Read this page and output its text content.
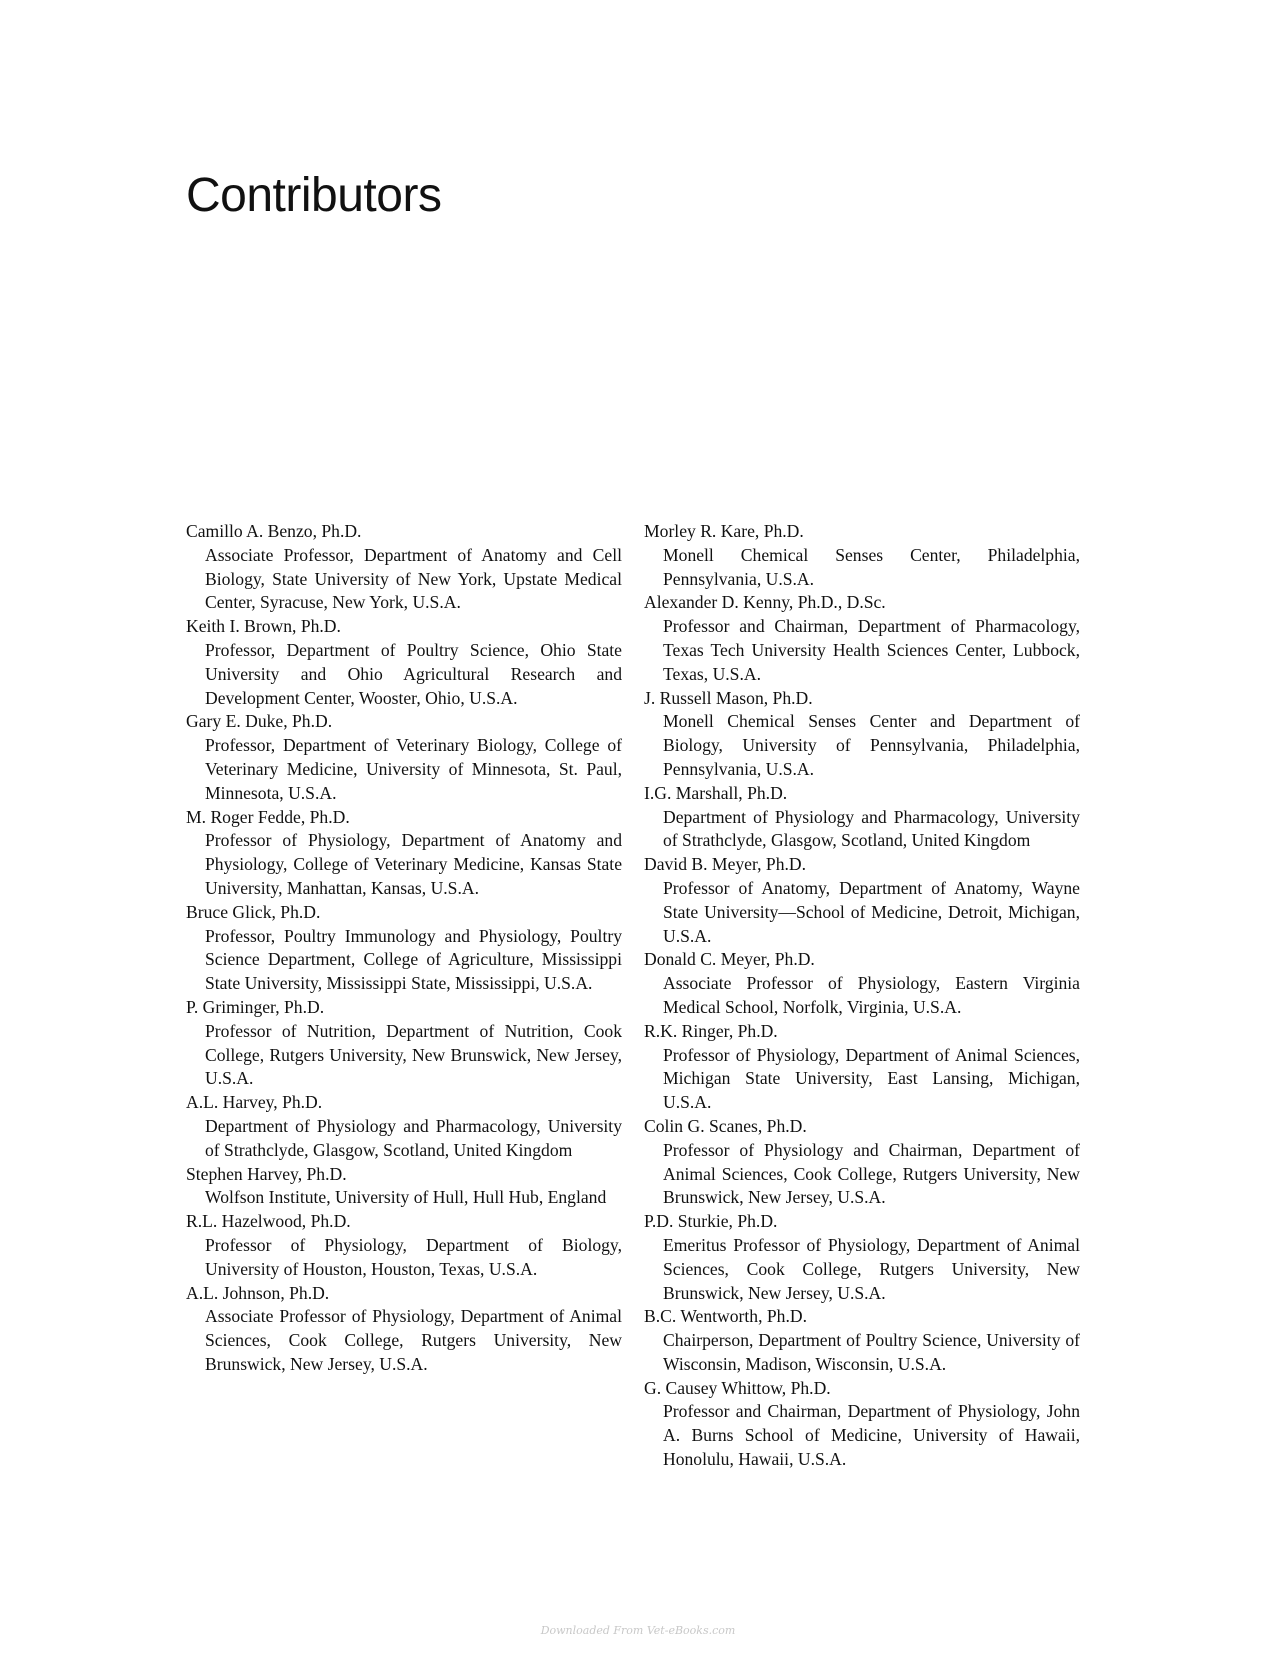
Contributors
Camillo A. Benzo, Ph.D.
Associate Professor, Department of Anatomy and Cell Biology, State University of New York, Upstate Medical Center, Syracuse, New York, U.S.A.
Keith I. Brown, Ph.D.
Professor, Department of Poultry Science, Ohio State University and Ohio Agricultural Research and Development Center, Wooster, Ohio, U.S.A.
Gary E. Duke, Ph.D.
Professor, Department of Veterinary Biology, College of Veterinary Medicine, University of Minnesota, St. Paul, Minnesota, U.S.A.
M. Roger Fedde, Ph.D.
Professor of Physiology, Department of Anatomy and Physiology, College of Veterinary Medicine, Kansas State University, Manhattan, Kansas, U.S.A.
Bruce Glick, Ph.D.
Professor, Poultry Immunology and Physiology, Poultry Science Department, College of Agriculture, Mississippi State University, Mississippi State, Mississippi, U.S.A.
P. Griminger, Ph.D.
Professor of Nutrition, Department of Nutrition, Cook College, Rutgers University, New Brunswick, New Jersey, U.S.A.
A.L. Harvey, Ph.D.
Department of Physiology and Pharmacology, University of Strathclyde, Glasgow, Scotland, United Kingdom
Stephen Harvey, Ph.D.
Wolfson Institute, University of Hull, Hull Hub, England
R.L. Hazelwood, Ph.D.
Professor of Physiology, Department of Biology, University of Houston, Houston, Texas, U.S.A.
A.L. Johnson, Ph.D.
Associate Professor of Physiology, Department of Animal Sciences, Cook College, Rutgers University, New Brunswick, New Jersey, U.S.A.
Morley R. Kare, Ph.D.
Monell Chemical Senses Center, Philadelphia, Pennsylvania, U.S.A.
Alexander D. Kenny, Ph.D., D.Sc.
Professor and Chairman, Department of Pharmacology, Texas Tech University Health Sciences Center, Lubbock, Texas, U.S.A.
J. Russell Mason, Ph.D.
Monell Chemical Senses Center and Department of Biology, University of Pennsylvania, Philadelphia, Pennsylvania, U.S.A.
I.G. Marshall, Ph.D.
Department of Physiology and Pharmacology, University of Strathclyde, Glasgow, Scotland, United Kingdom
David B. Meyer, Ph.D.
Professor of Anatomy, Department of Anatomy, Wayne State University—School of Medicine, Detroit, Michigan, U.S.A.
Donald C. Meyer, Ph.D.
Associate Professor of Physiology, Eastern Virginia Medical School, Norfolk, Virginia, U.S.A.
R.K. Ringer, Ph.D.
Professor of Physiology, Department of Animal Sciences, Michigan State University, East Lansing, Michigan, U.S.A.
Colin G. Scanes, Ph.D.
Professor of Physiology and Chairman, Department of Animal Sciences, Cook College, Rutgers University, New Brunswick, New Jersey, U.S.A.
P.D. Sturkie, Ph.D.
Emeritus Professor of Physiology, Department of Animal Sciences, Cook College, Rutgers University, New Brunswick, New Jersey, U.S.A.
B.C. Wentworth, Ph.D.
Chairperson, Department of Poultry Science, University of Wisconsin, Madison, Wisconsin, U.S.A.
G. Causey Whittow, Ph.D.
Professor and Chairman, Department of Physiology, John A. Burns School of Medicine, University of Hawaii, Honolulu, Hawaii, U.S.A.
Downloaded From Vet-eBooks.com
